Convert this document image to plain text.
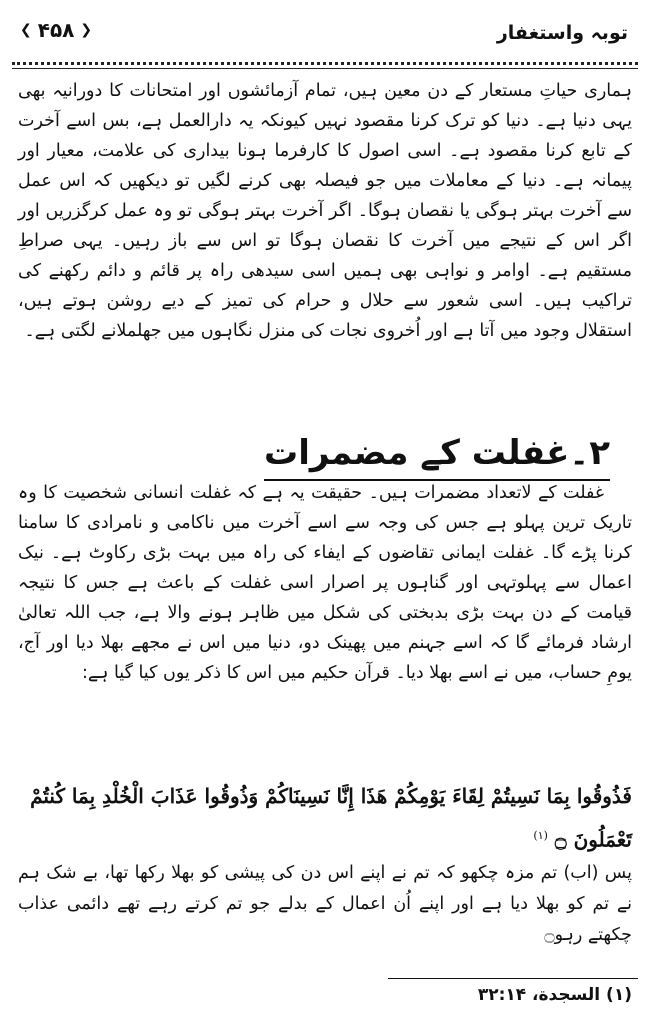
توبہ واستغفار
❮ ۴۵۸ ❯
ہماری حیاتِ مستعار کے دن معین ہیں، تمام آزمائشوں اور امتحانات کا دورانیہ بھی یہی دنیا ہے۔ دنیا کو ترک کرنا مقصود نہیں کیونکہ یہ دارالعمل ہے، بس اسے آخرت کے تابع کرنا مقصود ہے۔ اسی اصول کا کارفرما ہونا بیداری کی علامت، معیار اور پیمانہ ہے۔ دنیا کے معاملات میں جو فیصلہ بھی کرنے لگیں تو دیکھیں کہ اس عمل سے آخرت بہتر ہوگی یا نقصان ہوگا۔ اگر آخرت بہتر ہوگی تو وہ عمل کرگزریں اور اگر اس کے نتیجے میں آخرت کا نقصان ہوگا تو اس سے باز رہیں۔ یہی صراطِ مستقیم ہے۔ اوامر و نواہی بھی ہمیں اسی سیدھی راہ پر قائم و دائم رکھنے کی تراکیب ہیں۔ اسی شعور سے حلال و حرام کی تمیز کے دیے روشن ہوتے ہیں، استقلال وجود میں آتا ہے اور اُخروی نجات کی منزل نگاہوں میں جھلملانے لگتی ہے۔
۲۔غفلت کے مضمرات
غفلت کے لاتعداد مضمرات ہیں۔ حقیقت یہ ہے کہ غفلت انسانی شخصیت کا وہ تاریک ترین پہلو ہے جس کی وجہ سے اسے آخرت میں ناکامی و نامرادی کا سامنا کرنا پڑے گا۔ غفلت ایمانی تقاضوں کے ایفاء کی راہ میں بہت بڑی رکاوٹ ہے۔ نیک اعمال سے پہلوتہی اور گناہوں پر اصرار اسی غفلت کے باعث ہے جس کا نتیجہ قیامت کے دن بہت بڑی بدبختی کی شکل میں ظاہر ہونے والا ہے، جب اللہ تعالیٰ ارشاد فرمائے گا کہ اسے جہنم میں پھینک دو، دنیا میں اس نے مجھے بھلا دیا اور آج، یومِ حساب، میں نے اسے بھلا دیا۔ قرآن حکیم میں اس کا ذکر یوں کیا گیا ہے:
فَذُوقُوا بِمَا نَسِيتُمْ لِقَاءَ يَوْمِكُمْ هَذَا إِنَّا نَسِينَاكُمْ وَذُوقُوا عَذَابَ الْخُلْدِ بِمَا كُنتُمْ تَعْمَلُونَ ۝ $^{(۱)}$
پس (اب) تم مزہ چکھو کہ تم نے اپنے اس دن کی پیشی کو بھلا رکھا تھا، بے شک ہم نے تم کو بھلا دیا ہے اور اپنے اُن اعمال کے بدلے جو تم کرتے رہے تھے دائمی عذاب چکھتے رہو۝
(۱) السجدة، ۳۲:۱۴
